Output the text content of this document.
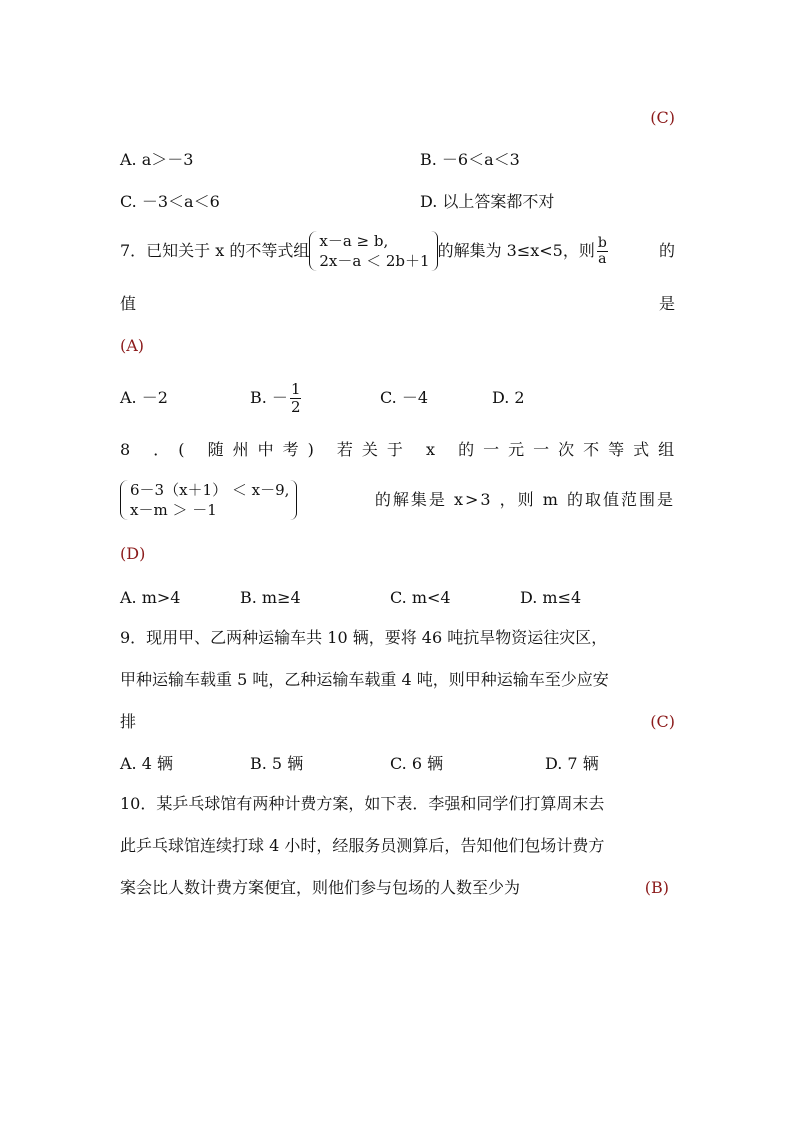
(C)
A. a＞－3	B. －6＜a＜3
C. －3＜a＜6	D. 以上答案都不对
7．已知关于 x 的不等式组 x－a ≥ b,
2x－a ＜ 2b＋1
的解集为 3≤x<5，则 $\frac{b}{a}$	的
值	是
(A)
A. －2	B. － $\frac{1}{2}$	C. －4	D. 2
8 ．( 随州中考) 若关于 x 的一元一次不等式组
6－3（x＋1） ＜ x－9,
x－m ＞ －1
的解集是 x>3 ，则 m 的取值范围是
(D)
A. m>4	B. m≥4	C. m<4	D. m≤4
9．现用甲、乙两种运输车共 10 辆，要将 46 吨抗旱物资运往灾区，
甲种运输车载重 5 吨，乙种运输车载重 4 吨，则甲种运输车至少应安
排	(C)
A. 4 辆	B. 5 辆	C. 6 辆	D. 7 辆
10．某乒乓球馆有两种计费方案，如下表．李强和同学们打算周末去
此乒乓球馆连续打球 4 小时，经服务员测算后，告知他们包场计费方
案会比人数计费方案便宜，则他们参与包场的人数至少为	(B)
